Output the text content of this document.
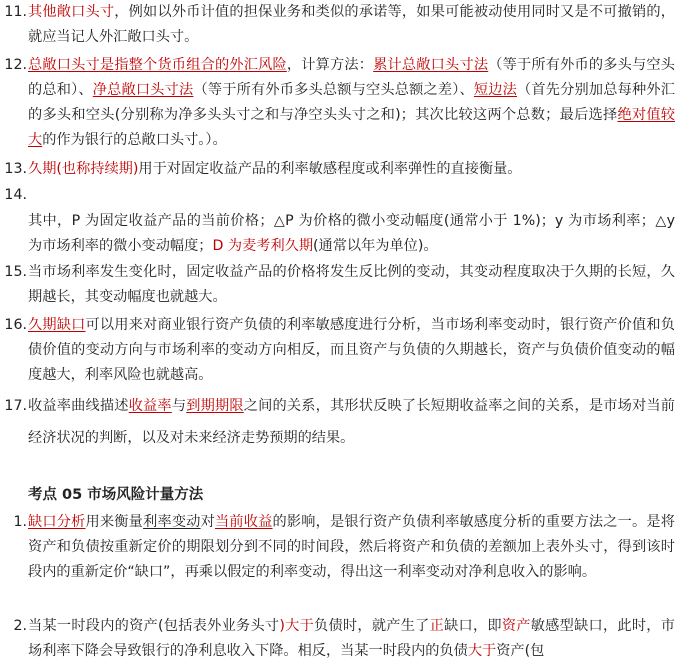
11. 其他敞口头寸，例如以外币计值的担保业务和类似的承诺等，如果可能被动使用同时又是不可撤销的，就应当记人外汇敞口头寸。
12. 总敞口头寸是指整个货币组合的外汇风险，计算方法：累计总敞口头寸法（等于所有外币的多头与空头的总和）、净总敞口头寸法（等于所有外币多头总额与空头总额之差）、短边法（首先分别加总每种外汇的多头和空头(分别称为净多头头寸之和与净空头头寸之和)；其次比较这两个总数；最后选择绝对值较大的作为银行的总敞口头寸。）。
13. 久期(也称持续期)用于对固定收益产品的利率敏感程度或利率弹性的直接衡量。
14.
其中，P 为固定收益产品的当前价格；△P 为价格的微小变动幅度(通常小于 1%)；y 为市场利率；△y 为市场利率的微小变动幅度；D 为麦考利久期(通常以年为单位)。
15. 当市场利率发生变化时，固定收益产品的价格将发生反比例的变动，其变动程度取决于久期的长短，久期越长，其变动幅度也就越大。
16. 久期缺口可以用来对商业银行资产负债的利率敏感度进行分析，当市场利率变动时，银行资产价值和负债价值的变动方向与市场利率的变动方向相反，而且资产与负债的久期越长，资产与负债价值变动的幅度越大，利率风险也就越高。
17. 收益率曲线描述收益率与到期期限之间的关系，其形状反映了长短期收益率之间的关系，是市场对当前经济状况的判断，以及对未来经济走势预期的结果。
考点 05 市场风险计量方法
1. 缺口分析用来衡量利率变动对当前收益的影响，是银行资产负债利率敏感度分析的重要方法之一。是将资产和负债按重新定价的期限划分到不同的时间段，然后将资产和负债的差额加上表外头寸，得到该时段内的重新定价“缺口”，再乘以假定的利率变动，得出这一利率变动对净利息收入的影响。
2. 当某一时段内的资产(包括表外业务头寸)大于负债时，就产生了正缺口，即资产敏感型缺口，此时，市场利率下降会导致银行的净利息收入下降。相反，当某一时段内的负债大于资产(包
